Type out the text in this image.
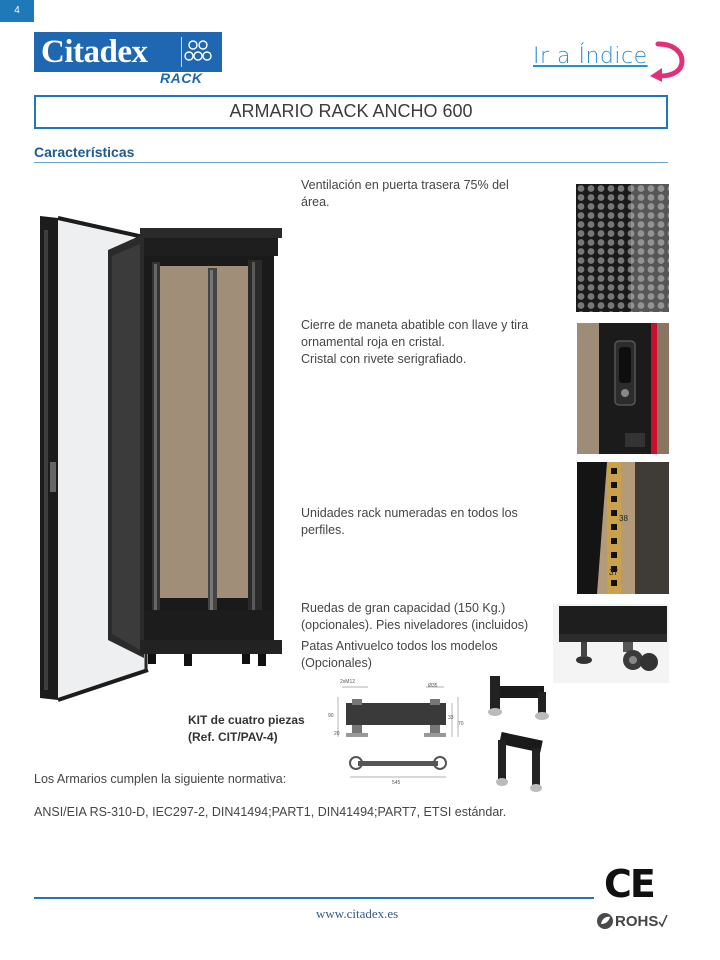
4
Citadex
RACK
Ir a Índice
ARMARIO RACK ANCHO 600
Características
Ventilación en puerta trasera 75% del
área.
Cierre de maneta abatible con llave y tira
ornamental roja en cristal.
Cristal con rivete serigrafiado.
Unidades rack numeradas en todos los
perfiles.
Ruedas de gran capacidad (150 Kg.)
(opcionales). Pies niveladores (incluidos)
Patas Antivuelco todos los modelos
(Opcionales)
38
37
2xM12
Ø35
90	33
70
20
545
KIT de cuatro piezas
(Ref. CIT/PAV-4)
Los Armarios cumplen la siguiente normativa:
ANSI/EIA RS-310-D, IEC297-2, DIN41494;PART1, DIN41494;PART7, ETSI estándar.
CE
ROHS
www.citadex.es
